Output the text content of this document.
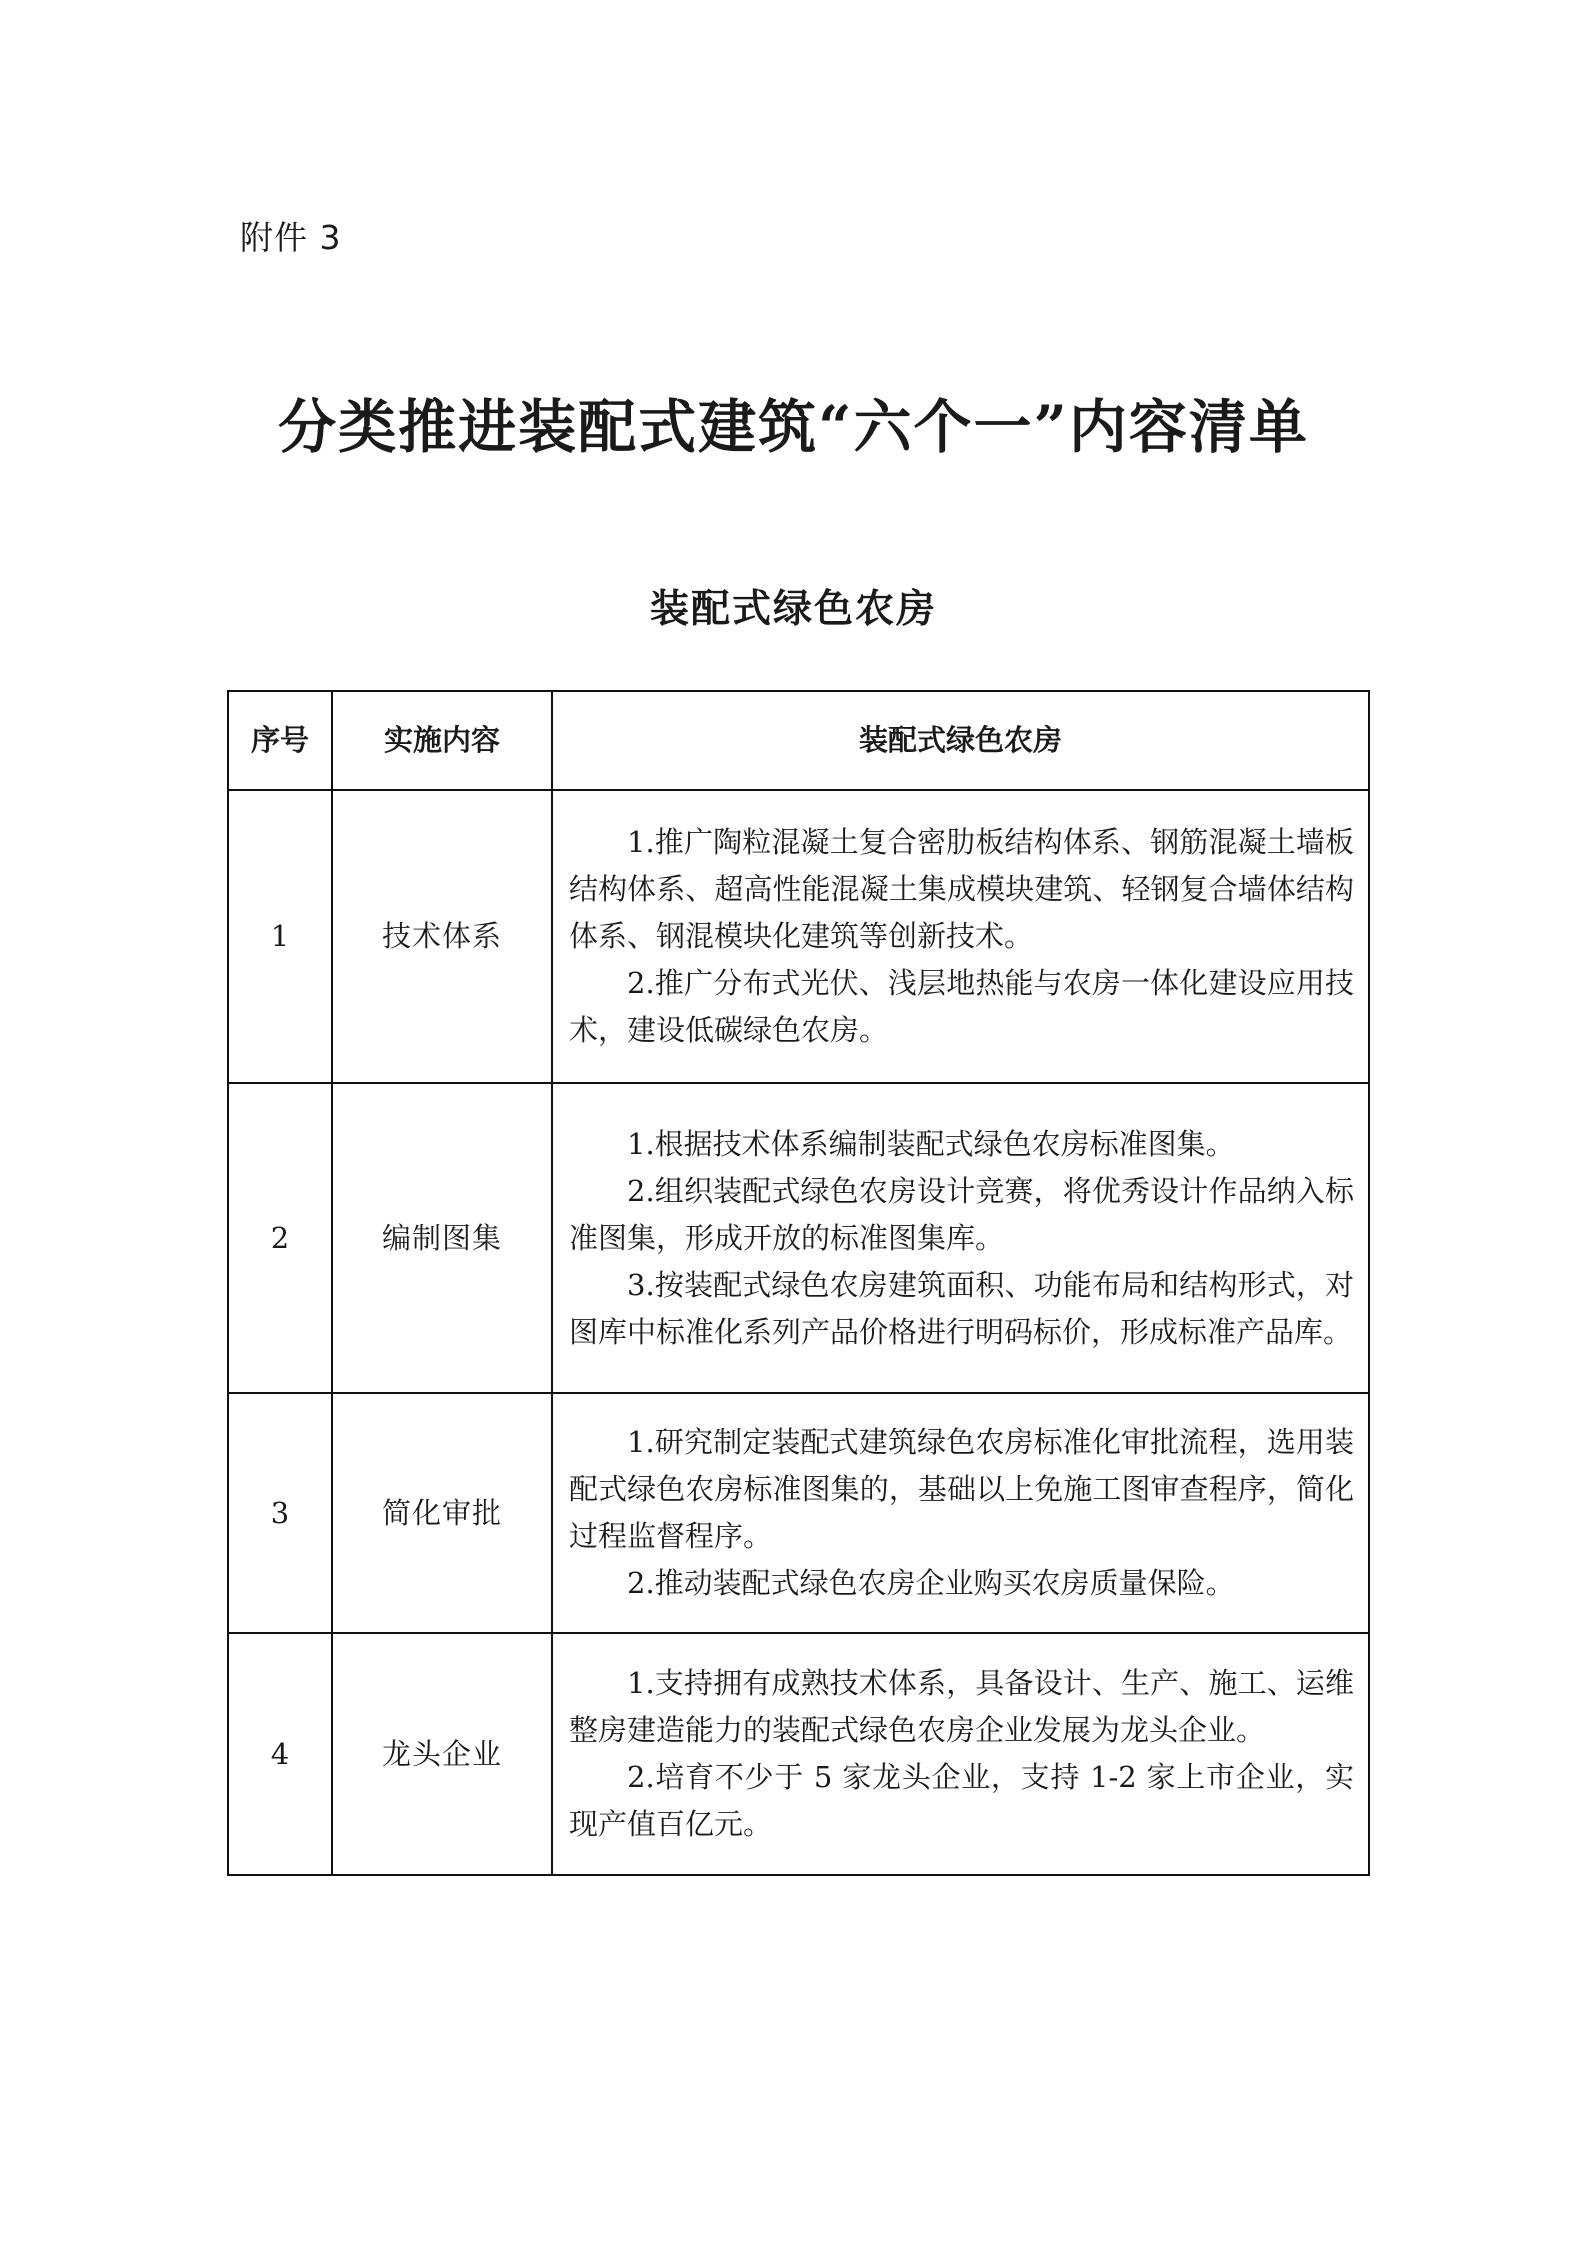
附件 3
分类推进装配式建筑“六个一”内容清单
装配式绿色农房
序号	实施内容	装配式绿色农房
1	技术体系	1.推广陶粒混凝土复合密肋板结构体系、钢筋混凝土墙板结构体系、超高性能混凝土集成模块建筑、轻钢复合墙体结构体系、钢混模块化建筑等创新技术。

2.推广分布式光伏、浅层地热能与农房一体化建设应用技术，建设低碳绿色农房。

2	编制图集	1.根据技术体系编制装配式绿色农房标准图集。

2.组织装配式绿色农房设计竞赛，将优秀设计作品纳入标准图集，形成开放的标准图集库。

3.按装配式绿色农房建筑面积、功能布局和结构形式，对图库中标准化系列产品价格进行明码标价，形成标准产品库。

3	简化审批	1.研究制定装配式建筑绿色农房标准化审批流程，选用装配式绿色农房标准图集的，基础以上免施工图审查程序，简化过程监督程序。

2.推动装配式绿色农房企业购买农房质量保险。

4	龙头企业	1.支持拥有成熟技术体系，具备设计、生产、施工、运维整房建造能力的装配式绿色农房企业发展为龙头企业。

2.培育不少于 5 家龙头企业，支持 1-2 家上市企业，实现产值百亿元。
